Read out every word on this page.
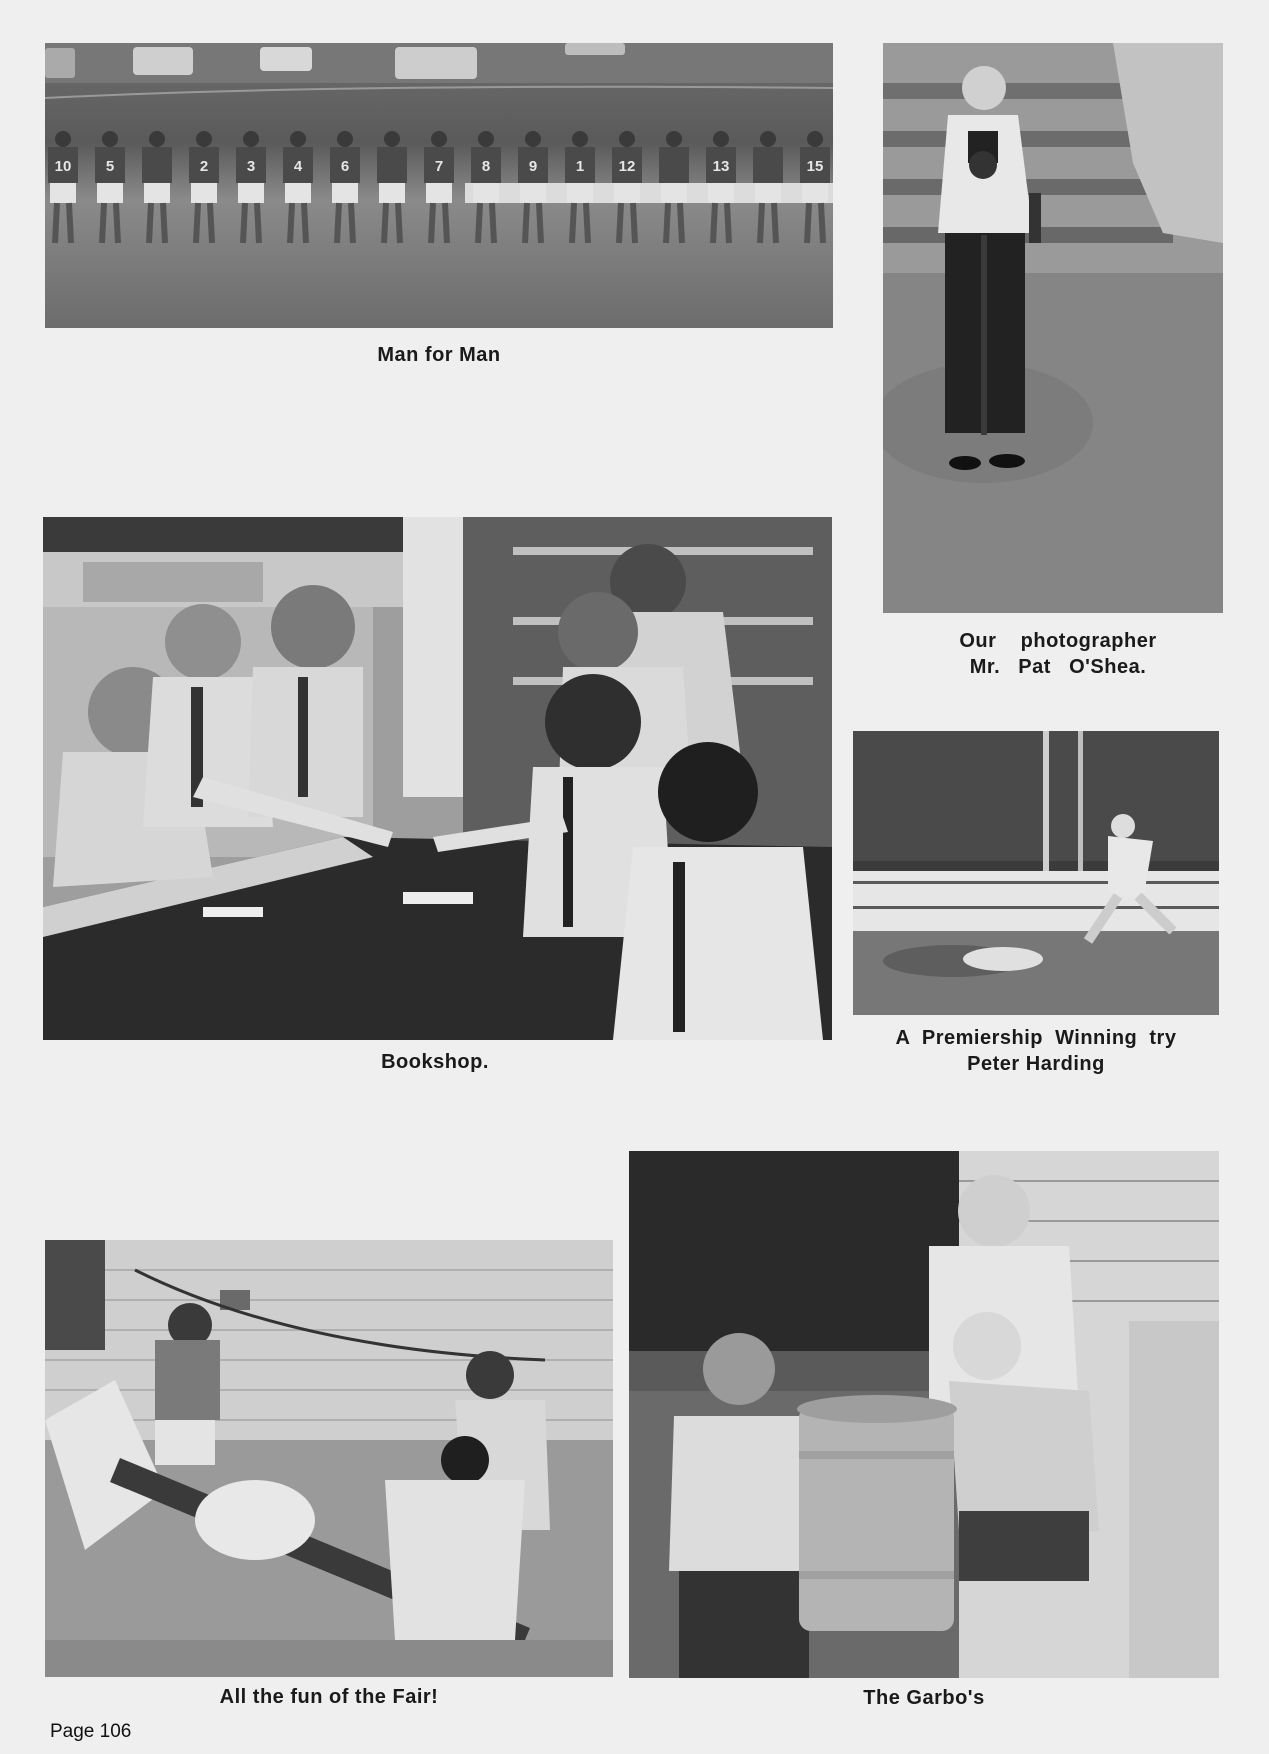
10 5	2	3	4	6	7	8	9	1 12	13	15
Man for Man
Our    photographer
Mr.   Pat   O'Shea.
Bookshop.

A  Premiership  Winning  try
Peter Harding
All the fun of the Fair!	The Garbo's
Page 106
